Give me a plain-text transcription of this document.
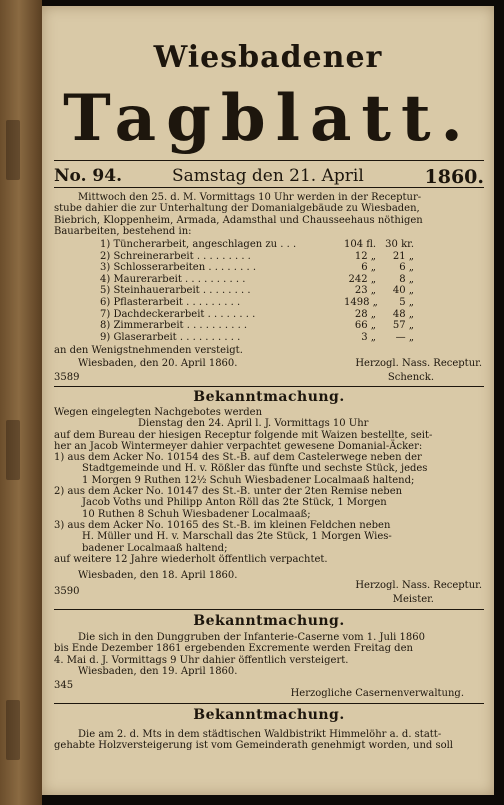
Wiesbadener
Tagblatt.
No. 94.	Samstag den 21. April	1860.
Mittwoch den 25. d. M. Vormittags 10 Uhr werden in der Receptur-
stube dahier die zur Unterhaltung der Domanialgebäude zu Wiesbaden,
Biebrich, Kloppenheim, Armada, Adamsthal und Chausseehaus nöthigen
Bauarbeiten, bestehend in:
1) Tüncherarbeit, angeschlagen zu . . .	104 fl. 30 kr.
2) Schreinerarbeit . . . . . . . . .	12 „	21 „
3) Schlosserarbeiten . . . . . . . .	6 „	6 „
4) Maurerarbeit . . . . . . . . . .	242 „	8 „
5) Steinhauerarbeit . . . . . . . .	23 „	40 „
6) Pflasterarbeit . . . . . . . . .	1498 „	5 „
7) Dachdeckerarbeit . . . . . . . .	28 „	48 „
8) Zimmerarbeit . . . . . . . . . .	66 „	57 „
9) Glaserarbeit . . . . . . . . . .	3 „	— „
an den Wenigstnehmenden versteigt.
Wiesbaden, den 20. April 1860.	Herzogl. Nass. Receptur.
3589	Schenck.
Bekanntmachung.
Wegen eingelegten Nachgebotes werden
Dienstag den 24. April l. J. Vormittags 10 Uhr
auf dem Bureau der hiesigen Receptur folgende mit Waizen bestellte, seit-
her an Jacob Wintermeyer dahier verpachtet gewesene Domanial-Äcker:
1) aus dem Acker No. 10154 des St.-B. auf dem Castelerwege neben der
Stadtgemeinde und H. v. Rößler das fünfte und sechste Stück, jedes
1 Morgen 9 Ruthen 12½ Schuh Wiesbadener Localmaaß haltend;
2) aus dem Acker No. 10147 des St.-B. unter der 2ten Remise neben
Jacob Voths und Philipp Anton Röll das 2te Stück, 1 Morgen
10 Ruthen 8 Schuh Wiesbadener Localmaaß;
3) aus dem Acker No. 10165 des St.-B. im kleinen Feldchen neben
H. Müller und H. v. Marschall das 2te Stück, 1 Morgen Wies-
badener Localmaaß haltend;
auf weitere 12 Jahre wiederholt öffentlich verpachtet.
Wiesbaden, den 18. April 1860.
Herzogl. Nass. Receptur.
3590
Meister.
Bekanntmachung.
Die sich in den Dunggruben der Infanterie-Caserne vom 1. Juli 1860
bis Ende Dezember 1861 ergebenden Excremente werden Freitag den
4. Mai d. J. Vormittags 9 Uhr dahier öffentlich versteigert.
Wiesbaden, den 19. April 1860.
345
Herzogliche Casernenverwaltung.
Bekanntmachung.
Die am 2. d. Mts in dem städtischen Waldbistrikt Himmelöhr a. d. statt-
gehabte Holzversteigerung ist vom Gemeinderath genehmigt worden, und soll
